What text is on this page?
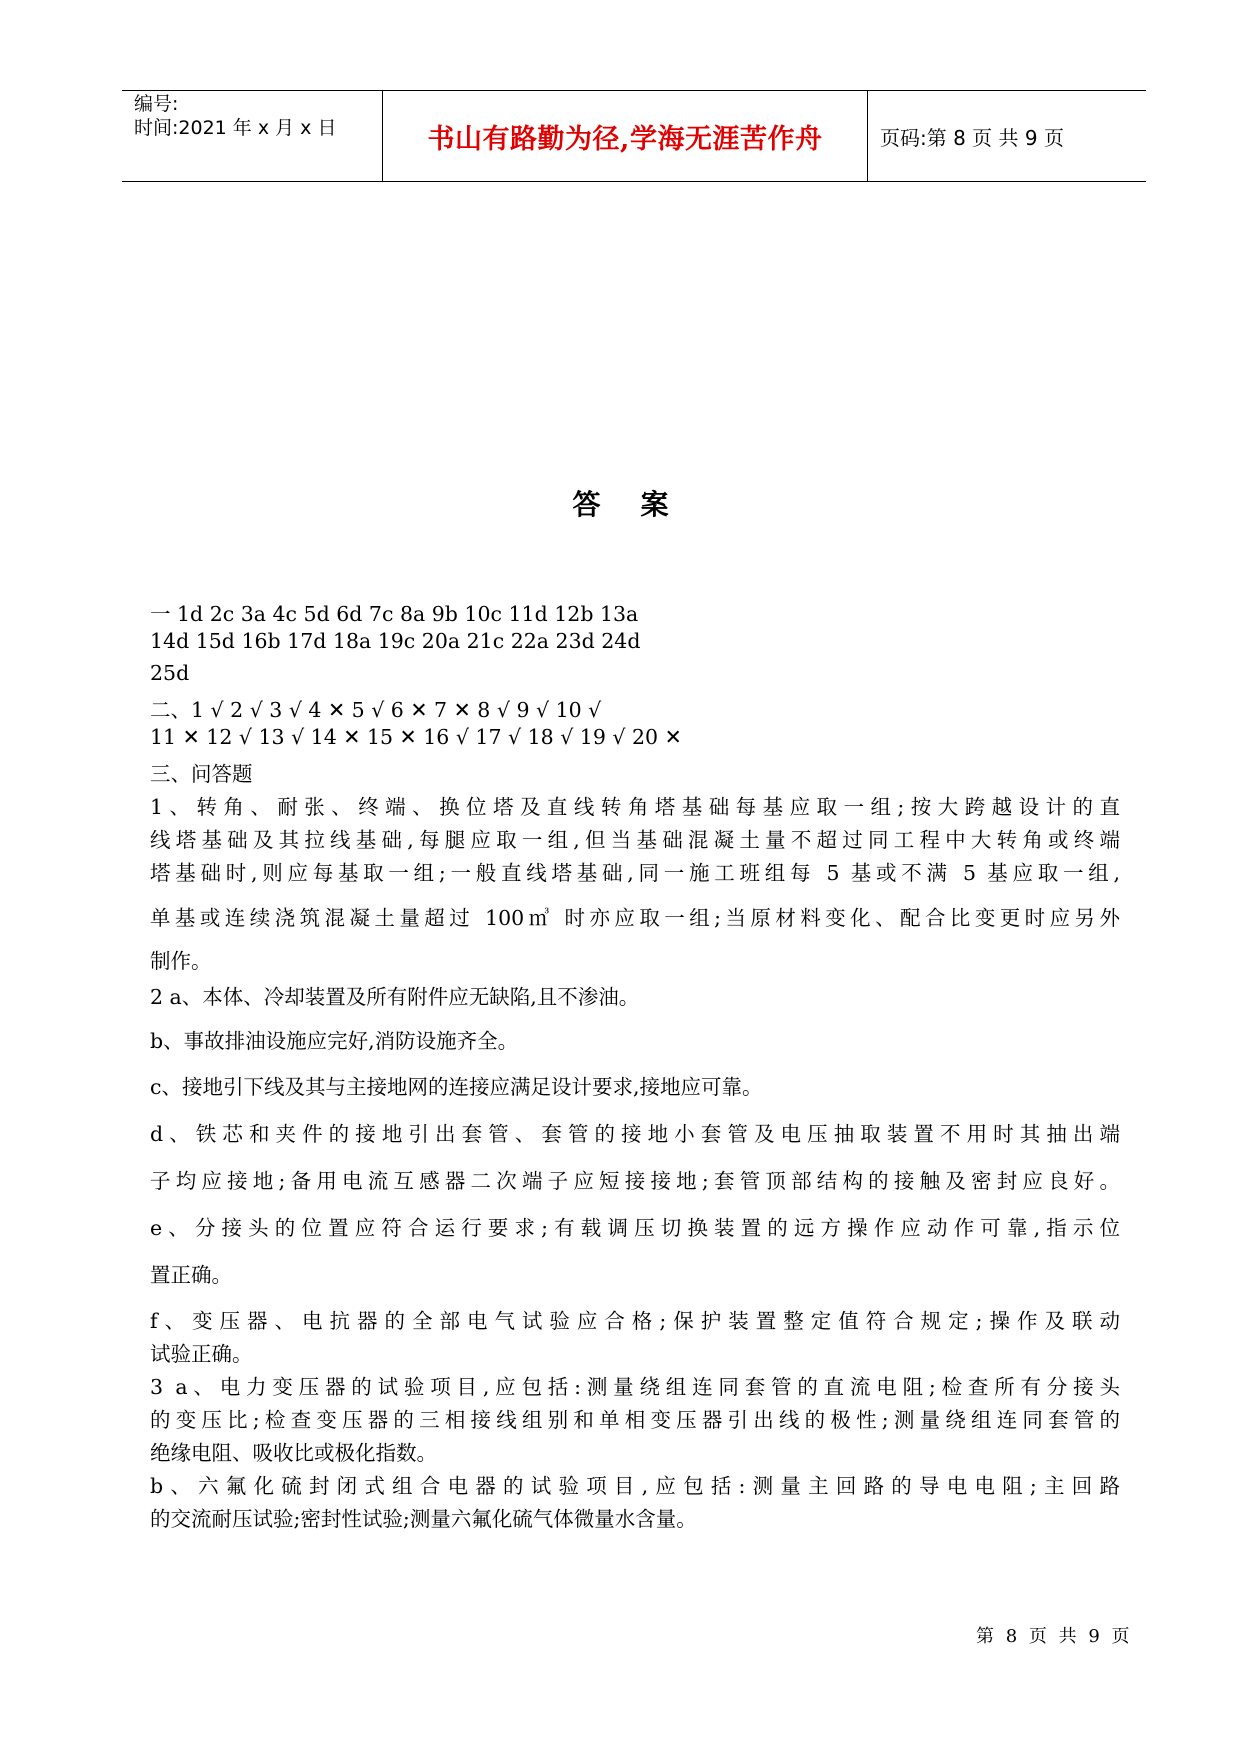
编号:
时间:2021 年 x 月 x 日	书山有路勤为径,学海无涯苦作舟	页码:第 8 页 共 9 页
答案
一 1d 2c 3a 4c 5d 6d 7c 8a 9b 10c 11d 12b 13a
14d 15d 16b 17d 18a 19c 20a 21c 22a 23d 24d
25d
二、1 √ 2 √ 3 √ 4 ✕ 5 √ 6 ✕ 7 ✕ 8 √ 9 √ 10 √
11 ✕ 12 √ 13 √ 14 ✕ 15 ✕ 16 √ 17 √ 18 √ 19 √ 20 ✕
三、问答题
1、转角、耐张、终端、换位塔及直线转角塔基础每基应取一组;按大跨越设计的直
线塔基础及其拉线基础,每腿应取一组,但当基础混凝土量不超过同工程中大转角或终端
塔基础时,则应每基取一组;一般直线塔基础,同一施工班组每 5 基或不满 5 基应取一组,
单基或连续浇筑混凝土量超过 100㎥ 时亦应取一组;当原材料变化、配合比变更时应另外
制作。
2 a、本体、冷却装置及所有附件应无缺陷,且不渗油。
b、事故排油设施应完好,消防设施齐全。
c、接地引下线及其与主接地网的连接应满足设计要求,接地应可靠。
d、铁芯和夹件的接地引出套管、套管的接地小套管及电压抽取装置不用时其抽出端
子均应接地;备用电流互感器二次端子应短接接地;套管顶部结构的接触及密封应良好。
e、分接头的位置应符合运行要求;有载调压切换装置的远方操作应动作可靠,指示位
置正确。
f、变压器、电抗器的全部电气试验应合格;保护装置整定值符合规定;操作及联动
试验正确。
3 a、电力变压器的试验项目,应包括:测量绕组连同套管的直流电阻;检查所有分接头
的变压比;检查变压器的三相接线组别和单相变压器引出线的极性;测量绕组连同套管的
绝缘电阻、吸收比或极化指数。
b、六氟化硫封闭式组合电器的试验项目,应包括:测量主回路的导电电阻;主回路
的交流耐压试验;密封性试验;测量六氟化硫气体微量水含量。
第 8 页 共 9 页
